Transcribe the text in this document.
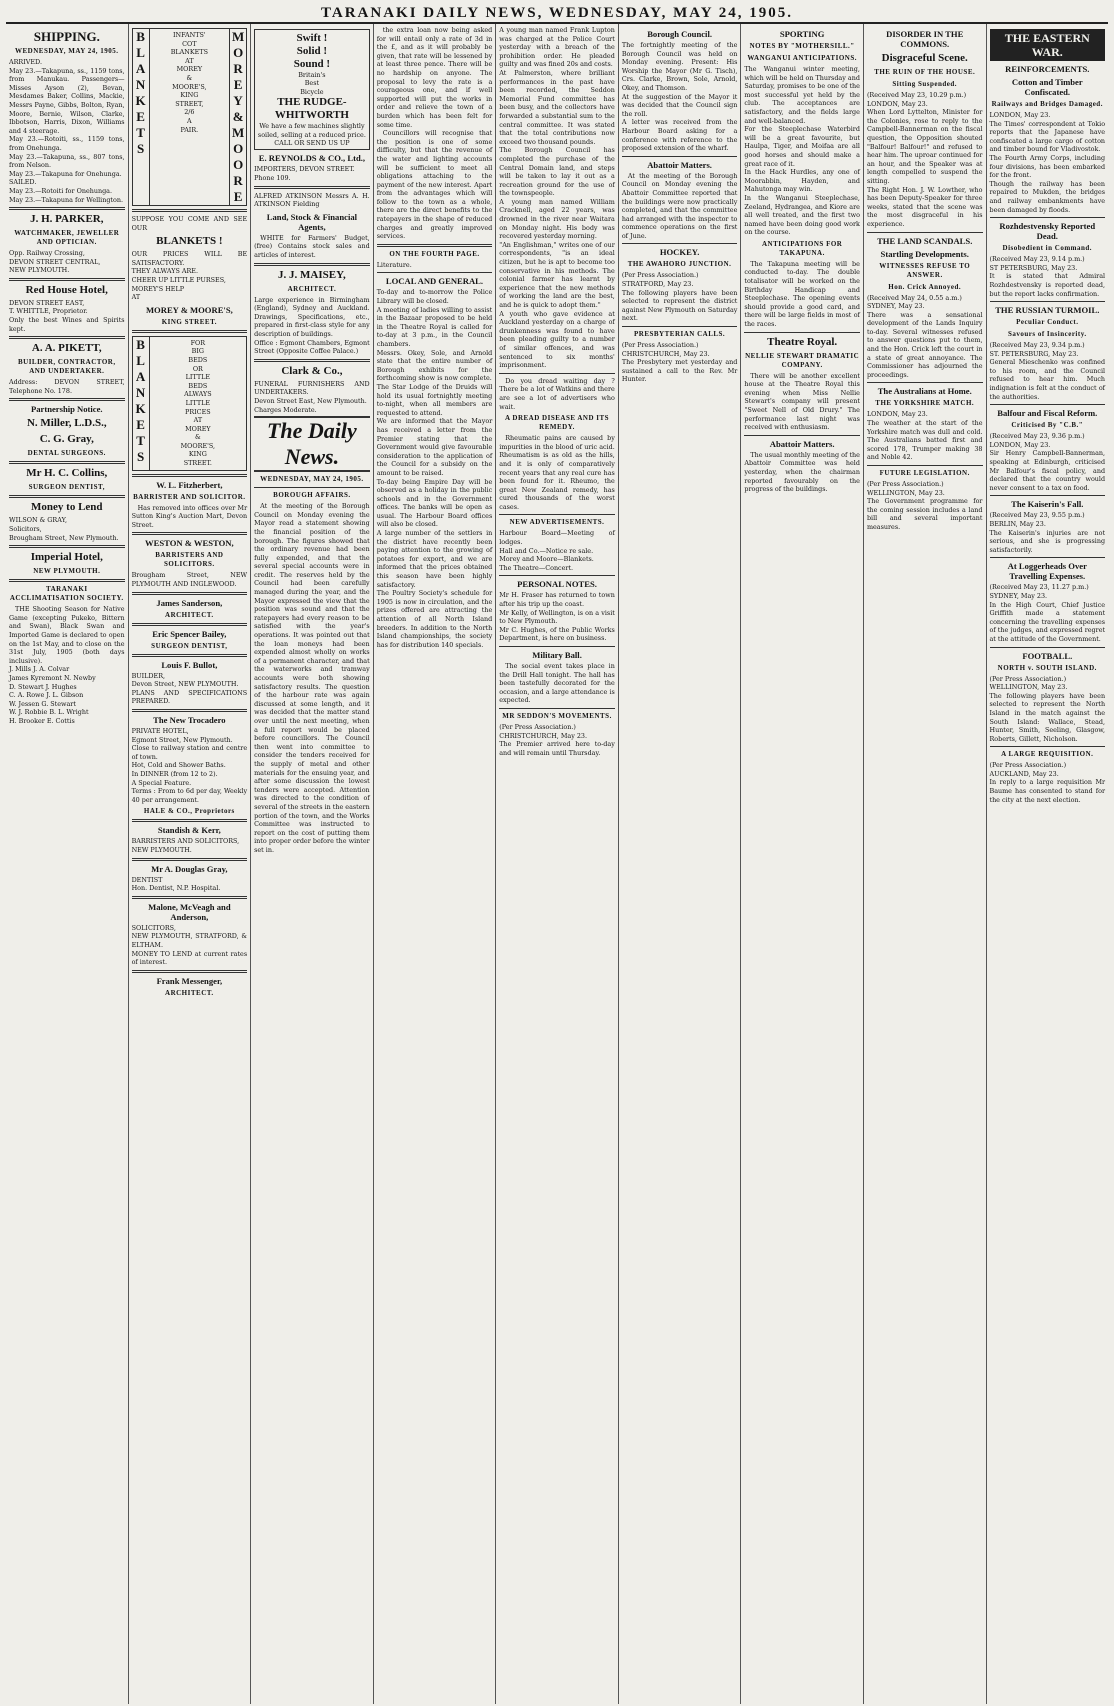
TARANAKI DAILY NEWS, WEDNESDAY, MAY 24, 1905.
SHIPPING.
WEDNESDAY, MAY 24, 1905.

ARRIVED.
May 23.—Takapuna, ss., 1159 tons, from Manukau. Passengers—Misses Ayson (2), Bevan, Mesdames Baker, Collins, Mackie, Messrs Payne, Gibbs, Bolton, Ryan, Moore, Bernie, Wilson, Clarke, Ibbotson, Harris, Dixon, Williams and 4 steerage.
May 23.—Rotoiti, ss., 1159 tons, from Onehunga.
May 23.—Takapuna, ss., 807 tons, from Nelson.
May 23.—Takapuna for Onehunga.
SAILED.
May 23.—Rotoiti for Onehunga.
May 23.—Takapuna for Wellington.

J. H. PARKER,
WATCHMAKER, JEWELLER AND OPTICIAN.

Opp. Railway Crossing,
DEVON STREET CENTRAL,
NEW PLYMOUTH.

Red House Hotel,

DEVON STREET EAST,
T. WHITTLE, Proprietor.

Only the best Wines and Spirits kept.

A. A. PIKETT,
BUILDER, CONTRACTOR, AND UNDERTAKER.

Address: DEVON STREET, Telephone No. 178.

Partnership Notice.
N. Miller, L.D.S.,
C. G. Gray,
DENTAL SURGEONS.
Mr H. C. Collins,
SURGEON DENTIST,
Money to Lend

WILSON & GRAY,
Solicitors,
Brougham Street, New Plymouth.

Imperial Hotel,
NEW PLYMOUTH.
TARANAKI ACCLIMATISATION SOCIETY.

THE Shooting Season for Native Game (excepting Pukeko, Bittern and Swan), Black Swan and Imported Game is declared to open on the 1st May, and to close on the 31st July, 1905 (both days inclusive).

J. Mills J. A. Colvar
James Kyremont N. Newby
D. Stewart J. Hughes
C. A. Rowe J. L. Gibson
W. Jessen G. Stewart
W. J. Robbie B. L. Wright
H. Brooker E. Cottis

B
L
A
N
K
E
T
S
INFANTS'
COT
BLANKETS
AT
MOREY
&
MOORE'S,
KING
STREET,
2/6
A
PAIR.
M
O
R
E
Y
&
M
O
O
R
E

SUPPOSE YOU COME AND SEE OUR

BLANKETS !

OUR PRICES WILL BE SATISFACTORY.
THEY ALWAYS ARE.

CHEER UP LITTLE PURSES,
MOREY'S HELP
AT

MOREY & MOORE'S,
KING STREET.
B
L
A
N
K
E
T
S
FOR
BIG
BEDS
OR
LITTLE
BEDS
ALWAYS
LITTLE
PRICES
AT
MOREY
&
MOORE'S,
KING
STREET.
W. L. Fitzherbert,
BARRISTER AND SOLICITOR.

Has removed into offices over Mr Sutton King's Auction Mart, Devon Street.

WESTON & WESTON,
BARRISTERS AND SOLICITORS.

Brougham Street, NEW PLYMOUTH AND INGLEWOOD.

James Sanderson,
ARCHITECT.
Eric Spencer Bailey,
SURGEON DENTIST,
Louis F. Bullot,

BUILDER,
Devon Street, NEW PLYMOUTH.
PLANS AND SPECIFICATIONS PREPARED.

The New Trocadero

PRIVATE HOTEL,
Egmont Street, New Plymouth.
Close to railway station and centre of town.

Hot, Cold and Shower Baths.
In DINNER (from 12 to 2).
A Special Feature.
Terms : From to 6d per day, Weekly 40 per arrangement.

HALE & CO., Proprietors
Standish & Kerr,

BARRISTERS AND SOLICITORS,
NEW PLYMOUTH.

Mr A. Douglas Gray,

DENTIST
Hon. Dentist, N.P. Hospital.

Malone, McVeagh and Anderson,

SOLICITORS,
NEW PLYMOUTH, STRATFORD, & ELTHAM.
MONEY TO LEND at current rates of interest.

Frank Messenger,
ARCHITECT.
Swift !
Solid !
Sound !
Britain's
Best
Bicycle
THE RUDGE-WHITWORTH
We have a few machines slightly soiled, selling at a reduced price.
CALL OR SEND US UP
E. REYNOLDS & CO., Ltd.,

IMPORTERS, DEVON STREET.
Phone 109.

ALFRED ATKINSON Messrs A. H. ATKINSON Fielding

Land, Stock & Financial Agents,

WHITE for Farmers' Budget, (free) Contains stock sales and articles of interest.

J. J. MAISEY,
ARCHITECT.

Large experience in Birmingham (England), Sydney and Auckland. Drawings, Specifications, etc., prepared in first-class style for any description of buildings.
Office : Egmont Chambers, Egmont Street (Opposite Coffee Palace.)

Clark & Co.,

FUNERAL FURNISHERS AND UNDERTAKERS.
Devon Street East, New Plymouth.
Charges Moderate.

The Daily News.
WEDNESDAY, MAY 24, 1905.
BOROUGH AFFAIRS.

At the meeting of the Borough Council on Monday evening the Mayor read a statement showing the financial position of the borough. The figures showed that the ordinary revenue had been fully expended, and that the several special accounts were in credit. The reserves held by the Council had been carefully managed during the year, and the Mayor expressed the view that the position was sound and that the ratepayers had every reason to be satisfied with the year's operations. It was pointed out that the loan moneys had been expended almost wholly on works of a permanent character, and that the waterworks and tramway accounts were both showing satisfactory results. The question of the harbour rate was again discussed at some length, and it was decided that the matter stand over until the next meeting, when a full report would be placed before councillors. The Council then went into committee to consider the tenders received for the supply of metal and other materials for the ensuing year, and after some discussion the lowest tenders were accepted. Attention was directed to the condition of several of the streets in the eastern portion of the town, and the Works Committee was instructed to report on the cost of putting them into proper order before the winter set in.

the extra loan now being asked for will entail only a rate of 3d in the £, and as it will probably be given, that rate will be lessened by at least three pence. There will be no hardship on anyone. The proposal to levy the rate is a courageous one, and if well supported will put the works in order and relieve the town of a burden which has been felt for some time.

Councillors will recognise that the position is one of some difficulty, but that the revenue of the water and lighting accounts will be sufficient to meet all obligations attaching to the payment of the new interest. Apart from the advantages which will follow to the town as a whole, there are the direct benefits to the ratepayers in the shape of reduced charges and greatly improved services.

ON THE FOURTH PAGE.

Literature.

LOCAL AND GENERAL.

To-day and to-morrow the Police Library will be closed.
A meeting of ladies willing to assist in the Bazaar proposed to be held in the Theatre Royal is called for to-day at 3 p.m., in the Council chambers.
Messrs. Okey, Sole, and Arnold state that the entire number of Borough exhibits for the forthcoming show is now complete.
The Star Lodge of the Druids will hold its usual fortnightly meeting to-night, when all members are requested to attend.
We are informed that the Mayor has received a letter from the Premier stating that the Government would give favourable consideration to the application of the Council for a subsidy on the amount to be raised.
To-day being Empire Day will be observed as a holiday in the public schools and in the Government offices. The banks will be open as usual. The Harbour Board offices will also be closed.
A large number of the settlers in the district have recently been paying attention to the growing of potatoes for export, and we are informed that the prices obtained this season have been highly satisfactory.
The Poultry Society's schedule for 1905 is now in circulation, and the prizes offered are attracting the attention of all North Island breeders. In addition to the North Island championships, the society has for distribution 140 specials.

A young man named Frank Lupton was charged at the Police Court yesterday with a breach of the prohibition order. He pleaded guilty and was fined 20s and costs.
At Palmerston, where brilliant performances in the past have been recorded, the Seddon Memorial Fund committee has been busy, and the collectors have forwarded a substantial sum to the central committee. It was stated that the total contributions now exceed two thousand pounds.
The Borough Council has completed the purchase of the Central Domain land, and steps will be taken to lay it out as a recreation ground for the use of the townspeople.
A young man named William Cracknell, aged 22 years, was drowned in the river near Waitara on Monday night. His body was recovered yesterday morning.
"An Englishman," writes one of our correspondents, "is an ideal citizen, but he is apt to become too conservative in his methods. The colonial farmer has learnt by experience that the new methods of working the land are the best, and he is quick to adopt them."
A youth who gave evidence at Auckland yesterday on a charge of drunkenness was found to have been pleading guilty to a number of similar offences, and was sentenced to six months' imprisonment.

Do you dread waiting day ? There be a lot of Watkins and there are see a lot of advertisers who wait.

A DREAD DISEASE AND ITS REMEDY.

Rheumatic pains are caused by impurities in the blood of uric acid. Rheumatism is as old as the hills, and it is only of comparatively recent years that any real cure has been found for it. Rheumo, the great New Zealand remedy, has cured thousands of the worst cases.

NEW ADVERTISEMENTS.

Harbour Board—Meeting of lodges.
Hall and Co.—Notice re sale.
Morey and Moore—Blankets.
The Theatre—Concert.

PERSONAL NOTES.

Mr H. Fraser has returned to town after his trip up the coast.
Mr Kelly, of Wellington, is on a visit to New Plymouth.
Mr C. Hughes, of the Public Works Department, is here on business.

Military Ball.

The social event takes place in the Drill Hall tonight. The hall has been tastefully decorated for the occasion, and a large attendance is expected.

MR SEDDON'S MOVEMENTS.

(Per Press Association.)
CHRISTCHURCH, May 23.
The Premier arrived here to-day and will remain until Thursday.

Borough Council.

The fortnightly meeting of the Borough Council was held on Monday evening. Present: His Worship the Mayor (Mr G. Tisch), Crs. Clarke, Brown, Sole, Arnold, Okey, and Thomson.
At the suggestion of the Mayor it was decided that the Council sign the roll.
A letter was received from the Harbour Board asking for a conference with reference to the proposed extension of the wharf.

Abattoir Matters.

At the meeting of the Borough Council on Monday evening the Abattoir Committee reported that the buildings were now practically completed, and that the committee had arranged with the inspector to commence operations on the first of June.

HOCKEY.
THE AWAHORO JUNCTION.

(Per Press Association.)
STRATFORD, May 23.
The following players have been selected to represent the district against New Plymouth on Saturday next.

PRESBYTERIAN CALLS.

(Per Press Association.)
CHRISTCHURCH, May 23.
The Presbytery met yesterday and sustained a call to the Rev. Mr Hunter.

SPORTING
NOTES BY "MOTHERSILL."
WANGANUI ANTICIPATIONS.

The Wanganui winter meeting, which will be held on Thursday and Saturday, promises to be one of the most successful yet held by the club. The acceptances are satisfactory, and the fields large and well-balanced.
For the Steeplechase Waterbird will be a great favourite, but Haulpa, Tiger, and Moifaa are all good horses and should make a great race of it.
In the Hack Hurdles, any one of Moorabbin, Hayden, and Mahutonga may win.
In the Wanganui Steeplechase, Zeeland, Hydrangea, and Kiore are all well treated, and the first two named have been doing good work on the course.

ANTICIPATIONS FOR TAKAPUNA.

The Takapuna meeting will be conducted to-day. The double totalisator will be worked on the Birthday Handicap and Steeplechase. The opening events should provide a good card, and there will be large fields in most of the races.

Theatre Royal.
NELLIE STEWART DRAMATIC COMPANY.

There will be another excellent house at the Theatre Royal this evening when Miss Nellie Stewart's company will present "Sweet Nell of Old Drury." The performance last night was received with enthusiasm.

Abattoir Matters.

The usual monthly meeting of the Abattoir Committee was held yesterday, when the chairman reported favourably on the progress of the buildings.

DISORDER IN THE COMMONS.
Disgraceful Scene.
THE RUIN OF THE HOUSE.
Sitting Suspended.

(Received May 23, 10.29 p.m.)
LONDON, May 23.
When Lord Lyttelton, Minister for the Colonies, rose to reply to the Campbell-Bannerman on the fiscal question, the Opposition shouted "Balfour! Balfour!" and refused to hear him. The uproar continued for an hour, and the Speaker was at length compelled to suspend the sitting.
The Right Hon. J. W. Lowther, who has been Deputy-Speaker for three weeks, stated that the scene was the most disgraceful in his experience.

THE LAND SCANDALS.
Startling Developments.
WITNESSES REFUSE TO ANSWER.
Hon. Crick Annoyed.

(Received May 24, 0.55 a.m.)
SYDNEY, May 23.
There was a sensational development of the Lands Inquiry to-day. Several witnesses refused to answer questions put to them, and the Hon. Crick left the court in a state of great annoyance. The Commissioner has adjourned the proceedings.

The Australians at Home.
THE YORKSHIRE MATCH.

LONDON, May 23.
The weather at the start of the Yorkshire match was dull and cold. The Australians batted first and scored 178, Trumper making 38 and Noble 42.

FUTURE LEGISLATION.

(Per Press Association.)
WELLINGTON, May 23.
The Government programme for the coming session includes a land bill and several important measures.

THE EASTERN WAR.
REINFORCEMENTS.
Cotton and Timber Confiscated.
Railways and Bridges Damaged.

LONDON, May 23.
The Times' correspondent at Tokio reports that the Japanese have confiscated a large cargo of cotton and timber bound for Vladivostok.
The Fourth Army Corps, including four divisions, has been embarked for the front.
Though the railway has been repaired to Mukden, the bridges and railway embankments have been damaged by floods.

Rozhdestvensky Reported Dead.
Disobedient in Command.

(Received May 23, 9.14 p.m.)
ST PETERSBURG, May 23.
It is stated that Admiral Rozhdestvensky is reported dead, but the report lacks confirmation.

THE RUSSIAN TURMOIL.
Peculiar Conduct.
Savours of Insincerity.

(Received May 23, 9.34 p.m.)
ST. PETERSBURG, May 23.
General Mieschenko was confined to his room, and the Council refused to hear him. Much indignation is felt at the conduct of the authorities.

Balfour and Fiscal Reform.
Criticised By "C.B."

(Received May 23, 9.36 p.m.)
LONDON, May 23.
Sir Henry Campbell-Bannerman, speaking at Edinburgh, criticised Mr Balfour's fiscal policy, and declared that the country would never consent to a tax on food.

The Kaiserin's Fall.

(Received May 23, 9.55 p.m.)
BERLIN, May 23.
The Kaiserin's injuries are not serious, and she is progressing satisfactorily.

At Loggerheads Over Travelling Expenses.

(Received May 23, 11.27 p.m.)
SYDNEY, May 23.
In the High Court, Chief Justice Griffith made a statement concerning the travelling expenses of the judges, and expressed regret at the attitude of the Government.

FOOTBALL.
NORTH v. SOUTH ISLAND.

(Per Press Association.)
WELLINGTON, May 23.
The following players have been selected to represent the North Island in the match against the South Island: Wallace, Stead, Hunter, Smith, Seeling, Glasgow, Roberts, Gillett, Nicholson.

A LARGE REQUISITION.

(Per Press Association.)
AUCKLAND, May 23.
In reply to a large requisition Mr Baume has consented to stand for the city at the next election.
